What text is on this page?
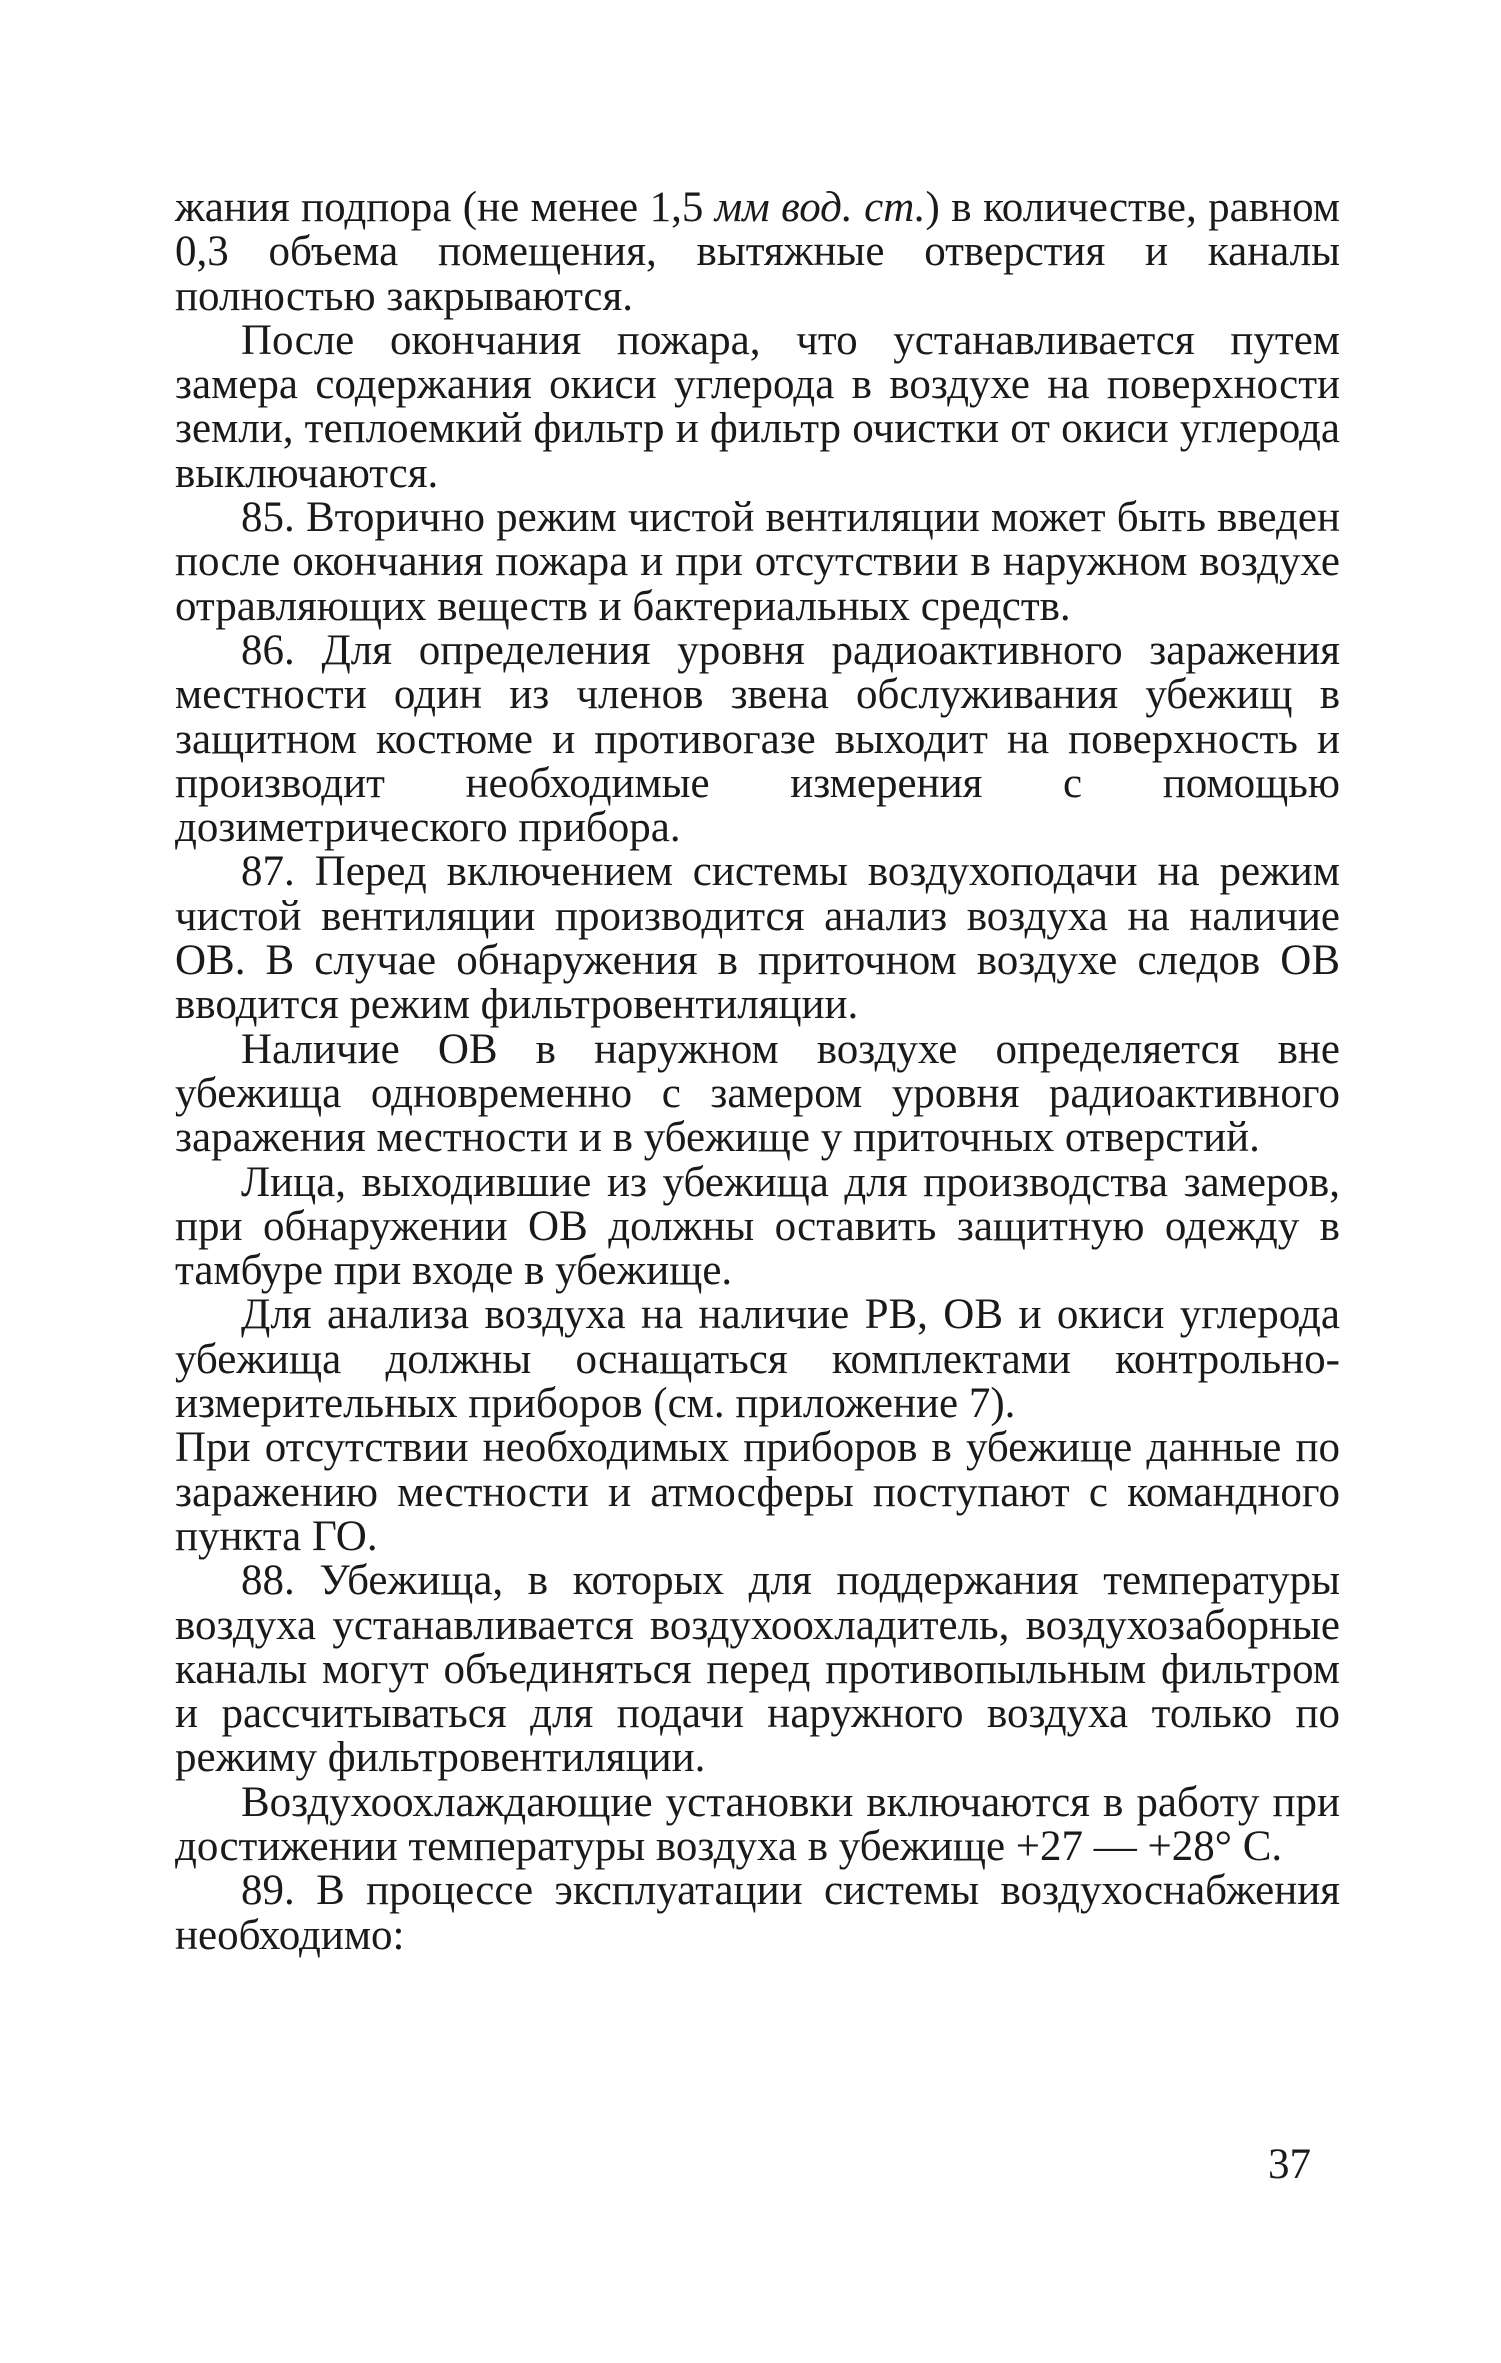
жания подпора (не менее 1,5 мм вод. ст.) в количестве, равном 0,3 объема помещения, вытяжные отверстия и каналы полностью закрываются.

После окончания пожара, что устанавливается путем замера содержания окиси углерода в воздухе на поверхности земли, теплоемкий фильтр и фильтр очистки от окиси углерода выключаются.

85. Вторично режим чистой вентиляции может быть введен после окончания пожара и при отсутствии в наружном воздухе отравляющих веществ и бактериальных средств.

86. Для определения уровня радиоактивного заражения местности один из членов звена обслуживания убежищ в защитном костюме и противогазе выходит на поверхность и производит необходимые измерения с помощью дозиметрического прибора.

87. Перед включением системы воздухоподачи на режим чистой вентиляции производится анализ воздуха на наличие ОВ. В случае обнаружения в приточном воздухе следов ОВ вводится режим фильтровентиляции.

Наличие ОВ в наружном воздухе определяется вне убежища одновременно с замером уровня радиоактивного заражения местности и в убежище у приточных отверстий.

Лица, выходившие из убежища для производства замеров, при обнаружении ОВ должны оставить защитную одежду в тамбуре при входе в убежище.

Для анализа воздуха на наличие РВ, ОВ и окиси углерода убежища должны оснащаться комплектами контрольно-измерительных приборов (см. приложение 7).

При отсутствии необходимых приборов в убежище данные по заражению местности и атмосферы поступают с командного пункта ГО.

88. Убежища, в которых для поддержания температуры воздуха устанавливается воздухоохладитель, воздухозаборные каналы могут объединяться перед противопыльным фильтром и рассчитываться для подачи наружного воздуха только по режиму фильтровентиляции.

Воздухоохлаждающие установки включаются в работу при достижении температуры воздуха в убежище +27 — +28° С.

89. В процессе эксплуатации системы воздухоснабжения необходимо:

37
